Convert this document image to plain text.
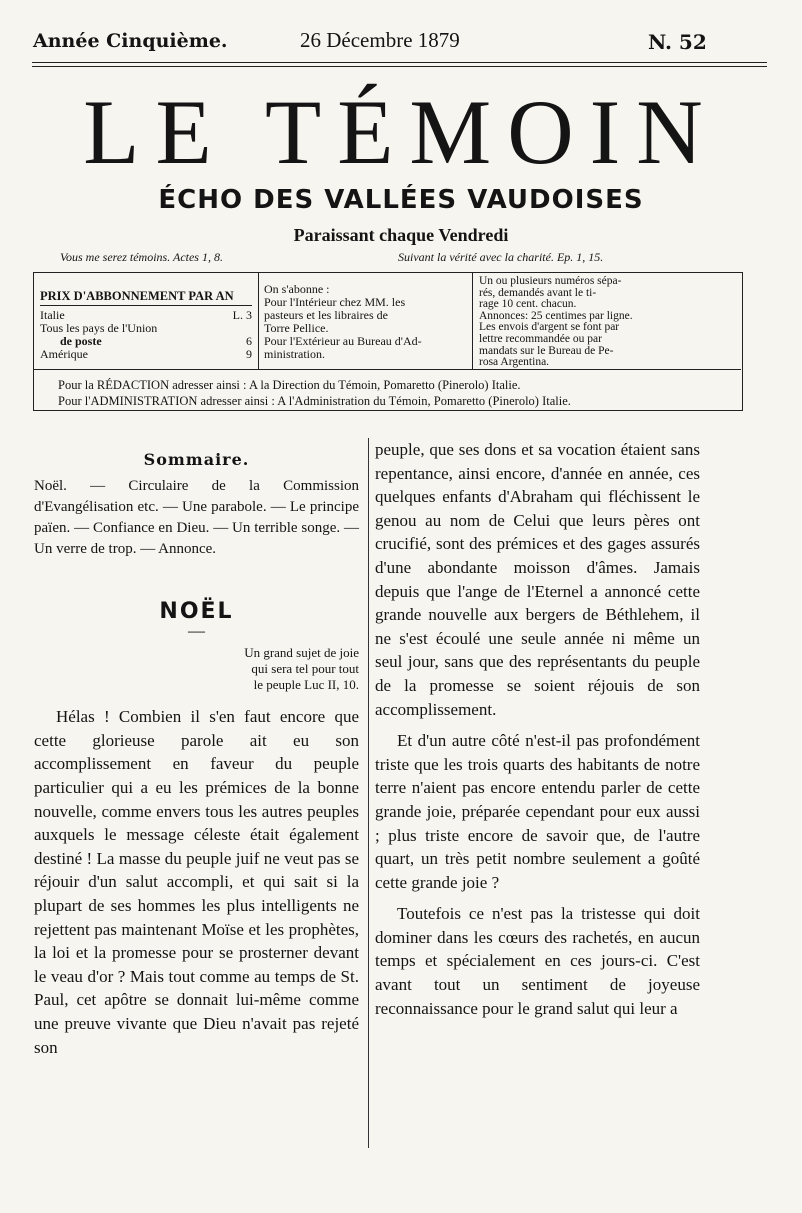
Année Cinquième.	26 Décembre 1879	N. 52
LE TÉMOIN
ÉCHO DES VALLÉES VAUDOISES
Paraissant chaque Vendredi
Vous me serez témoins. Actes 1, 8.	Suivant la vérité avec la charité. Ep. 1, 15.
PRIX D'ABBONNEMENT PAR AN
Italie	L. 3
Tous les pays de l'Union
de poste	6
Amérique	9
On s'abonne :
Pour l'Intérieur chez MM. les
pasteurs et les libraires de
Torre Pellice.
Pour l'Extérieur au Bureau d'Ad-
ministration.
Un ou plusieurs numéros sépa-
rés, demandés avant le ti-
rage 10 cent. chacun.
Annonces: 25 centimes par ligne.
Les envois d'argent se font par
lettre recommandée ou par
mandats sur le Bureau de Pe-
rosa Argentina.
Pour la RÉDACTION adresser ainsi : A la Direction du Témoin, Pomaretto (Pinerolo) Italie.
Pour l'ADMINISTRATION adresser ainsi : A l'Administration du Témoin, Pomaretto (Pinerolo) Italie.
Sommaire.
Noël. — Circulaire de la Commission d'Evangélisation etc. — Une parabole. — Le principe païen. — Confiance en Dieu. — Un terrible songe. — Un verre de trop. — Annonce.
NOËL
—
Un grand sujet de joie
qui sera tel pour tout
le peuple Luc II, 10.

Hélas ! Combien il s'en faut encore que cette glorieuse parole ait eu son accomplissement en faveur du peuple particulier qui a eu les prémices de la bonne nouvelle, comme envers tous les autres peuples auxquels le message céleste était également destiné ! La masse du peuple juif ne veut pas se réjouir d'un salut accompli, et qui sait si la plupart de ses hommes les plus intelligents ne rejettent pas maintenant Moïse et les prophètes, la loi et la promesse pour se prosterner devant le veau d'or ? Mais tout comme au temps de St. Paul, cet apôtre se donnait lui-même comme une preuve vivante que Dieu n'avait pas rejeté son

peuple, que ses dons et sa vocation étaient sans repentance, ainsi encore, d'année en année, ces quelques enfants d'Abraham qui fléchissent le genou au nom de Celui que leurs pères ont crucifié, sont des prémices et des gages assurés d'une abondante moisson d'âmes. Jamais depuis que l'ange de l'Eternel a annoncé cette grande nouvelle aux bergers de Béthlehem, il ne s'est écoulé une seule année ni même un seul jour, sans que des représentants du peuple de la promesse se soient réjouis de son accomplissement.

Et d'un autre côté n'est-il pas profondément triste que les trois quarts des habitants de notre terre n'aient pas encore entendu parler de cette grande joie, préparée cependant pour eux aussi ; plus triste encore de savoir que, de l'autre quart, un très petit nombre seulement a goûté cette grande joie ?

Toutefois ce n'est pas la tristesse qui doit dominer dans les cœurs des rachetés, en aucun temps et spécialement en ces jours-ci. C'est avant tout un sentiment de joyeuse reconnaissance pour le grand salut qui leur a
